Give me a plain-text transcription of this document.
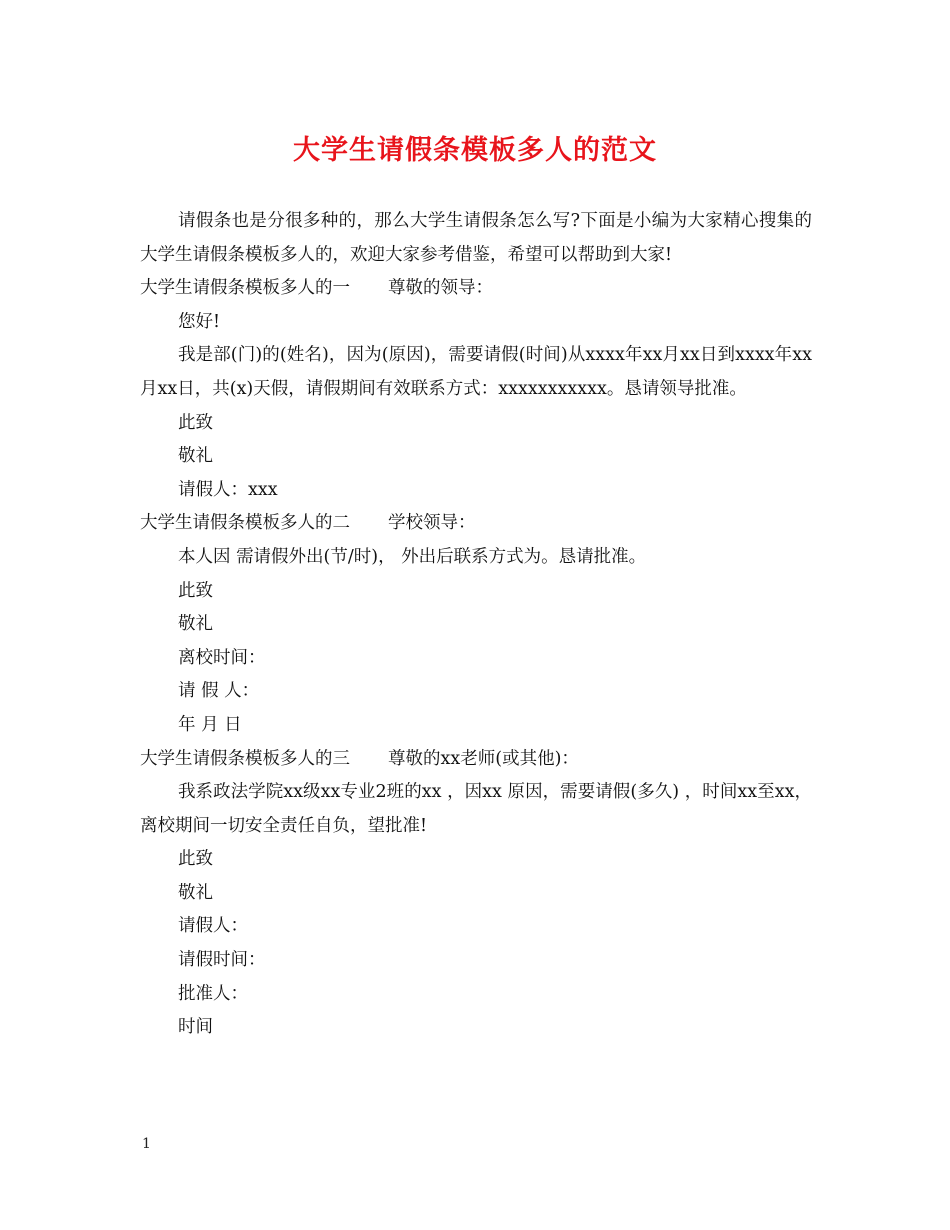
大学生请假条模板多人的范文

请假条也是分很多种的，那么大学生请假条怎么写?下面是小编为大家精心搜集的大学生请假条模板多人的，欢迎大家参考借鉴，希望可以帮助到大家!

大学生请假条模板多人的一 尊敬的领导：

您好!

我是部(门)的(姓名)，因为(原因)，需要请假(时间)从xxxx年xx月xx日到xxxx年xx月xx日，共(x)天假，请假期间有效联系方式：xxxxxxxxxxx。恳请领导批准。

此致

敬礼

请假人：xxx

大学生请假条模板多人的二 学校领导：

本人因 需请假外出(节/时)， 外出后联系方式为。恳请批准。

此致

敬礼

离校时间：

请 假 人：

年 月 日

大学生请假条模板多人的三 尊敬的xx老师(或其他)：

我系政法学院xx级xx专业2班的xx ，因xx 原因，需要请假(多久) ，时间xx至xx，离校期间一切安全责任自负，望批准!

此致

敬礼

请假人：

请假时间：

批准人：

时间

1
